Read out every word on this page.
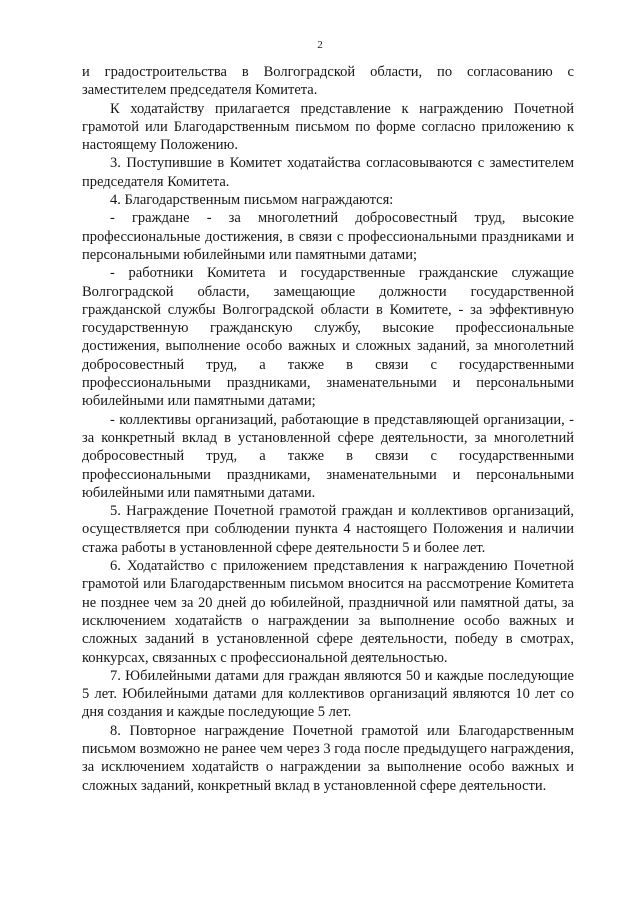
2

и градостроительства в Волгоградской области, по согласованию с заместителем председателя Комитета.

К ходатайству прилагается представление к награждению Почетной грамотой или Благодарственным письмом по форме согласно приложению к настоящему Положению.

3. Поступившие в Комитет ходатайства согласовываются с заместителем председателя Комитета.

4. Благодарственным письмом награждаются:

- граждане - за многолетний добросовестный труд, высокие профессиональные достижения, в связи с профессиональными праздниками и персональными юбилейными или памятными датами;

- работники Комитета и государственные гражданские служащие Волгоградской области, замещающие должности государственной гражданской службы Волгоградской области в Комитете, - за эффективную государственную гражданскую службу, высокие профессиональные достижения, выполнение особо важных и сложных заданий, за многолетний добросовестный труд, а также в связи с государственными профессиональными праздниками, знаменательными и персональными юбилейными или памятными датами;

- коллективы организаций, работающие в представляющей организации, - за конкретный вклад в установленной сфере деятельности, за многолетний добросовестный труд, а также в связи с государственными профессиональными праздниками, знаменательными и персональными юбилейными или памятными датами.

5. Награждение Почетной грамотой граждан и коллективов организаций, осуществляется при соблюдении пункта 4 настоящего Положения и наличии стажа работы в установленной сфере деятельности 5 и более лет.

6. Ходатайство с приложением представления к награждению Почетной грамотой или Благодарственным письмом вносится на рассмотрение Комитета не позднее чем за 20 дней до юбилейной, праздничной или памятной даты, за исключением ходатайств о награждении за выполнение особо важных и сложных заданий в установленной сфере деятельности, победу в смотрах, конкурсах, связанных с профессиональной деятельностью.

7. Юбилейными датами для граждан являются 50 и каждые последующие 5 лет. Юбилейными датами для коллективов организаций являются 10 лет со дня создания и каждые последующие 5 лет.

8. Повторное награждение Почетной грамотой или Благодарственным письмом возможно не ранее чем через 3 года после предыдущего награждения, за исключением ходатайств о награждении за выполнение особо важных и сложных заданий, конкретный вклад в установленной сфере деятельности.
